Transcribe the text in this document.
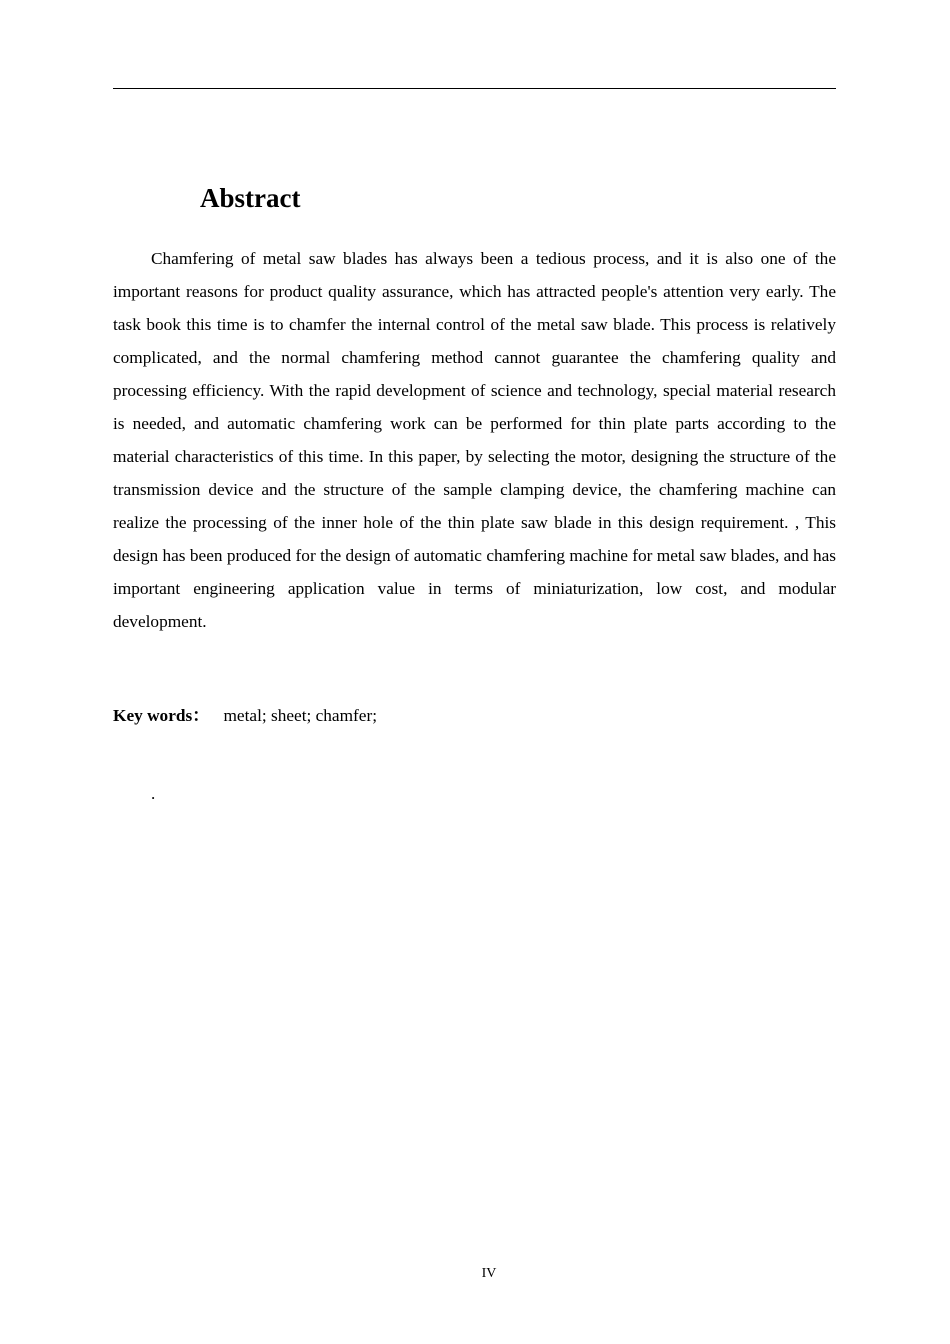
Abstract

Chamfering of metal saw blades has always been a tedious process, and it is also one of the important reasons for product quality assurance, which has attracted people's attention very early. The task book this time is to chamfer the internal control of the metal saw blade. This process is relatively complicated, and the normal chamfering method cannot guarantee the chamfering quality and processing efficiency. With the rapid development of science and technology, special material research is needed, and automatic chamfering work can be performed for thin plate parts according to the material characteristics of this time. In this paper, by selecting the motor, designing the structure of the transmission device and the structure of the sample clamping device, the chamfering machine can realize the processing of the inner hole of the thin plate saw blade in this design requirement. , This design has been produced for the design of automatic chamfering machine for metal saw blades, and has important engineering application value in terms of miniaturization, low cost, and modular development.

Key words： metal; sheet; chamfer;

.
IV
